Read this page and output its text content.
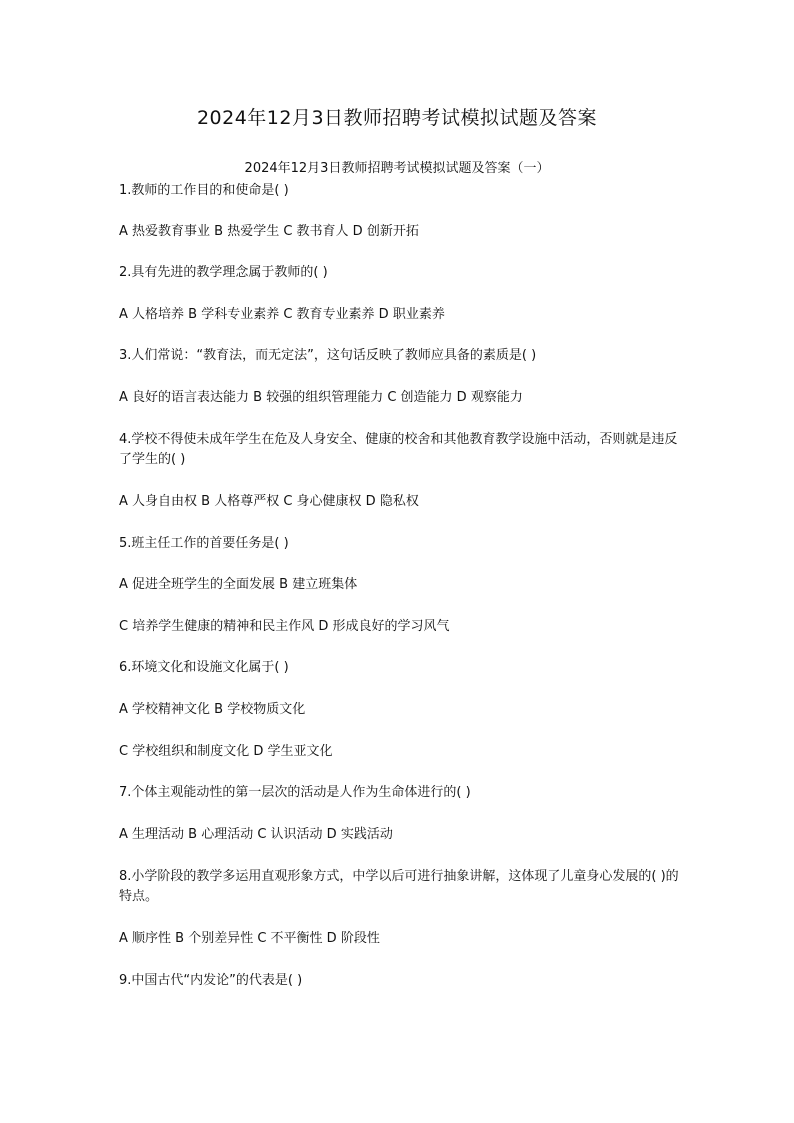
2024年12月3日教师招聘考试模拟试题及答案
2024年12月3日教师招聘考试模拟试题及答案（一）
1.教师的工作目的和使命是( )
A 热爱教育事业 B 热爱学生 C 教书育人 D 创新开拓
2.具有先进的教学理念属于教师的( )
A 人格培养 B 学科专业素养 C 教育专业素养 D 职业素养
3.人们常说：“教育法，而无定法”，这句话反映了教师应具备的素质是( )
A 良好的语言表达能力 B 较强的组织管理能力 C 创造能力 D 观察能力
4.学校不得使未成年学生在危及人身安全、健康的校舍和其他教育教学设施中活动，否则就是违反了学生的( )
A 人身自由权 B 人格尊严权 C 身心健康权 D 隐私权
5.班主任工作的首要任务是( )
A 促进全班学生的全面发展 B 建立班集体
C 培养学生健康的精神和民主作风 D 形成良好的学习风气
6.环境文化和设施文化属于( )
A 学校精神文化 B 学校物质文化
C 学校组织和制度文化 D 学生亚文化
7.个体主观能动性的第一层次的活动是人作为生命体进行的( )
A 生理活动 B 心理活动 C 认识活动 D 实践活动
8.小学阶段的教学多运用直观形象方式，中学以后可进行抽象讲解，这体现了儿童身心发展的( )的特点。
A 顺序性 B 个别差异性 C 不平衡性 D 阶段性
9.中国古代“内发论”的代表是( )
